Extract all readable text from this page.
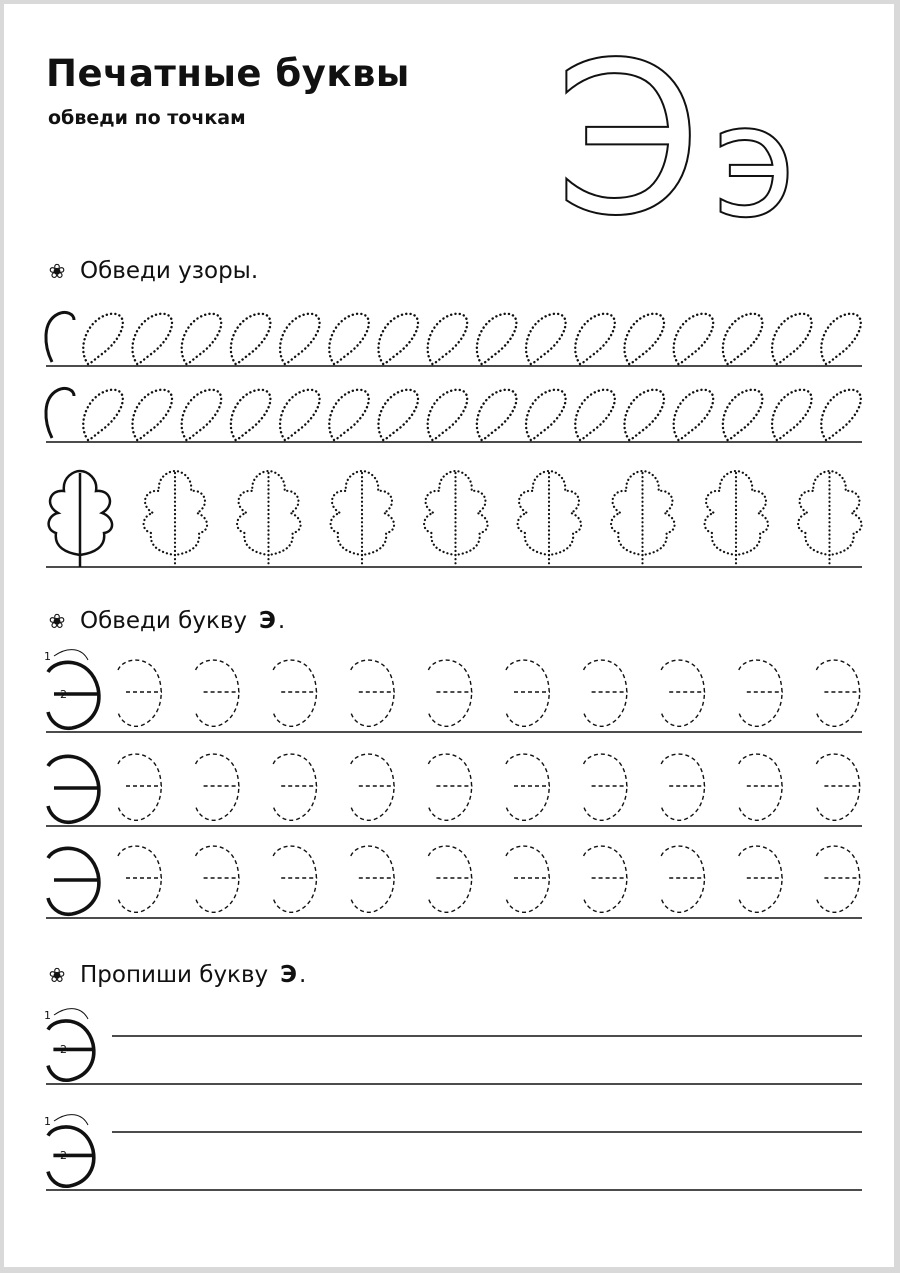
Печатные буквы
обведи по точкам Э э
❀ Обведи узоры.
❀ Обведи букву Э .
❀ Пропиши букву Э .
1
2
1
2
1
2
